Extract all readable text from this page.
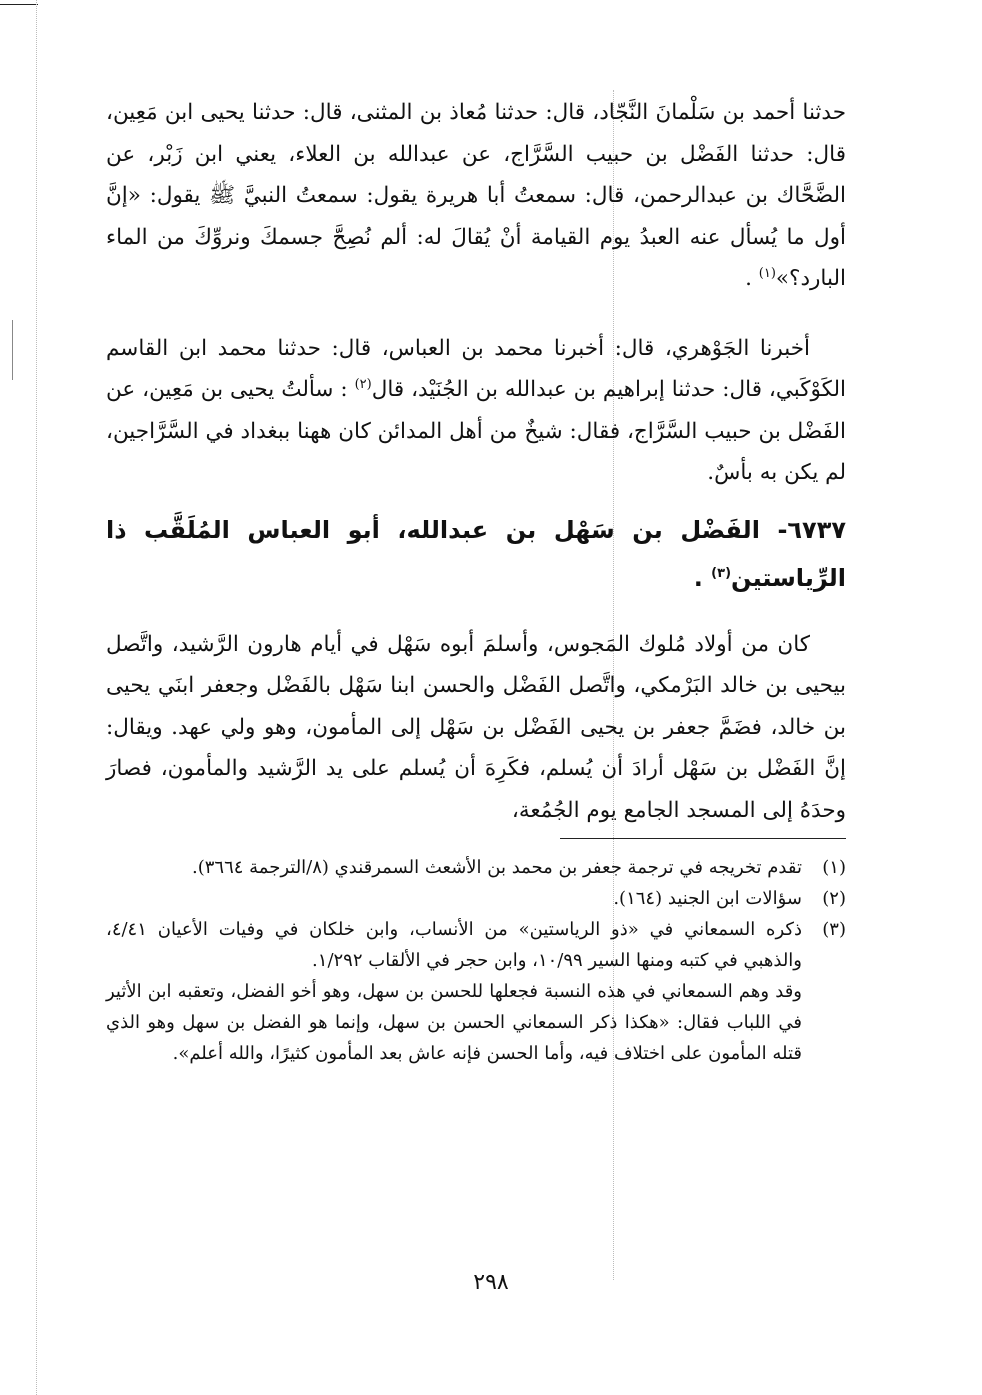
حدثنا أحمد بن سَلْمانَ النَّجّاد، قال: حدثنا مُعاذ بن المثنى، قال: حدثنا يحيى ابن مَعِين، قال: حدثنا الفَضْل بن حبيب السَّرَّاج، عن عبدالله بن العلاء، يعني ابن زَبْر، عن الضَّحَّاك بن عبدالرحمن، قال: سمعتُ أبا هريرة يقول: سمعتُ النبيَّ ﷺ يقول: «إنَّ أول ما يُسأل عنه العبدُ يوم القيامة أنْ يُقالَ له: ألم نُصِحَّ جسمكَ ونروِّكَ من الماء البارد؟»$^{(١)}$ .

أخبرنا الجَوْهري، قال: أخبرنا محمد بن العباس، قال: حدثنا محمد ابن القاسم الكَوْكَبي، قال: حدثنا إبراهيم بن عبدالله بن الجُنَيْد، قال$^{(٢)}$ : سألتُ يحيى بن مَعِين، عن الفَضْل بن حبيب السَّرَّاج، فقال: شيخٌ من أهل المدائن كان ههنا ببغداد في السَّرَّاجين، لم يكن به بأسٌ.

٦٧٣٧- الفَضْل بن سَهْل بن عبدالله، أبو العباس المُلَقَّب ذا الرِّياستين$^{(٣)}$ .

كان من أولاد مُلوك المَجوس، وأسلمَ أبوه سَهْل في أيام هارون الرَّشيد، واتَّصل بيحيى بن خالد البَرْمكي، واتَّصل الفَضْل والحسن ابنا سَهْل بالفَضْل وجعفر ابنَي يحيى بن خالد، فضَمَّ جعفر بن يحيى الفَضْل بن سَهْل إلى المأمون، وهو ولي عهد. ويقال: إنَّ الفَضْل بن سَهْل أرادَ أن يُسلم، فكَرِهَ أن يُسلم على يد الرَّشيد والمأمون، فصارَ وحدَهُ إلى المسجد الجامع يوم الجُمُعة،

(١)

تقدم تخريجه في ترجمة جعفر بن محمد بن الأشعث السمرقندي (٨/الترجمة ٣٦٦٤).

(٢)

سؤالات ابن الجنيد (١٦٤).

(٣)

ذكره السمعاني في «ذو الرياستين» من الأنساب، وابن خلكان في وفيات الأعيان ٤/٤١، والذهبي في كتبه ومنها السير ١٠/٩٩، وابن حجر في الألقاب ١/٢٩٢.

وقد وهم السمعاني في هذه النسبة فجعلها للحسن بن سهل، وهو أخو الفضل، وتعقبه ابن الأثير في اللباب فقال: «هكذا ذكر السمعاني الحسن بن سهل، وإنما هو الفضل بن سهل وهو الذي قتله المأمون على اختلاف فيه، وأما الحسن فإنه عاش بعد المأمون كثيرًا، والله أعلم».

٢٩٨
